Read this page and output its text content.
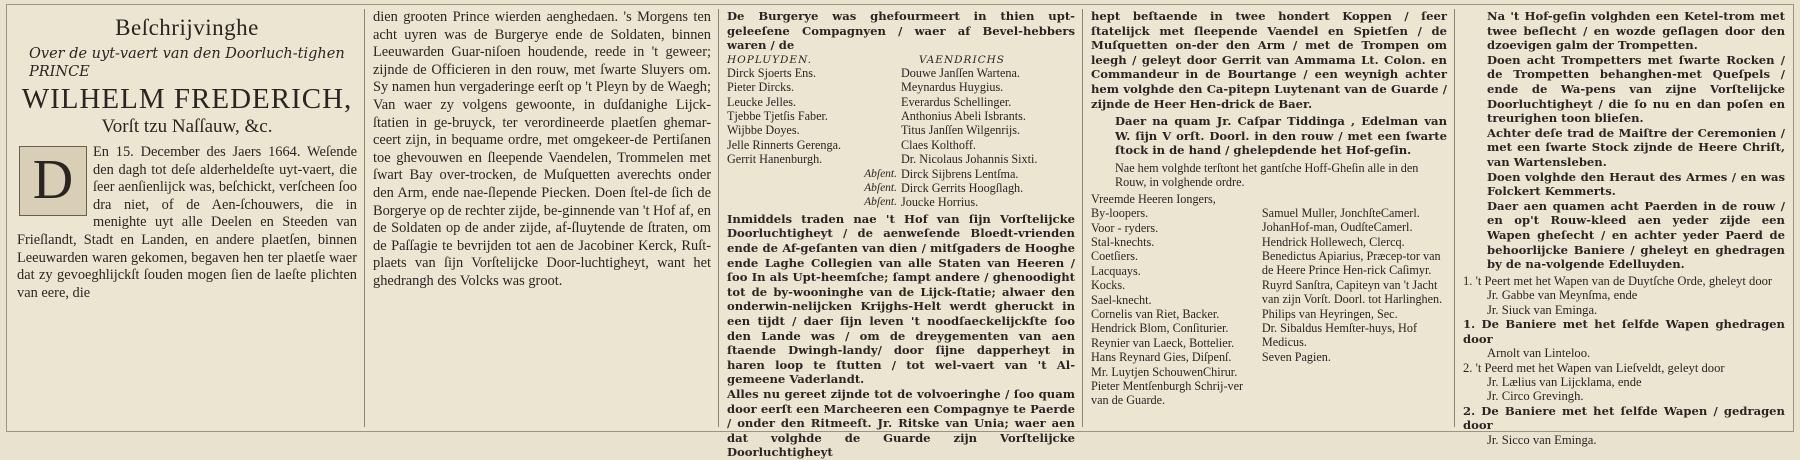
Beſchrijvinghe
Over de uyt-vaert van den Doorluch-tighen PRINCE
WILHELM FREDERICH,
Vorſt tzu Naſſauw, &c.
D	En 15. December des Jaers 1664. Weſende den dagh tot deſe alderheldeſte uyt-vaert, die ſeer aenſienlijck was, beſchickt, verſcheen ſoo dra niet, of de Aen-ſchouwers, die in menighte uyt alle Deelen en Steeden van Frieſlandt, Stadt en Landen, en andere plaetſen, binnen Leeuwarden waren gekomen, begaven hen ter plaetſe waer dat zy gevoeghlijckſt ſouden mogen ſien de laeſte plichten van eere, die
dien grooten Prince wierden aenghedaen. 's Morgens ten acht uyren was de Burgerye ende de Soldaten, binnen Leeuwarden Guar-niſoen houdende, reede in 't geweer; zijnde de Officieren in den rouw, met ſwarte Sluyers om. Sy namen hun vergaderinge eerſt op 't Pleyn by de Waegh; Van waer zy volgens gewoonte, in duſdanighe Lijck-ſtatien in ge-bruyck, ter verordineerde plaetſen ghemar-ceert zijn, in bequame ordre, met omgekeer-de Pertiſanen toe ghevouwen en ſleepende Vaendelen, Trommelen met ſwart Bay over-trocken, de Muſquetten averechts onder den Arm, ende nae-ſlepende Piecken. Doen ſtel-de ſich de Borgerye op de rechter zijde, be-ginnende van 't Hof af, en de Soldaten op de ander zijde, af-ſluytende de ſtraten, om de Paſſagie te bevrijden tot aen de Jacobiner Kerck, Ruſt-plaets van ſijn Vorſtelijcke Door-luchtigheyt, want het ghedrangh des Volcks was groot.
De Burgerye was ghefourmeert in thien upt-geleeſene Compagnyen / waer af Bevel-hebbers waren / de
HOPLUYDEN.	VAENDRICHS
Dirck Sjoerts Ens.
Pieter Dircks.
Leucke Jelles.
Tjebbe Tjetſis Faber.
Wijbbe Doyes.
Jelle Rinnerts Gerenga.
Gerrit Hanenburgh.
Abſent.
Abſent.
Abſent.
Douwe Janſſen Wartena.
Meynardus Huygius.
Everardus Schellinger.
Anthonius Abeli Isbrants.
Titus Janſſen Wilgenrijs.
Claes Kolthoff.
Dr. Nicolaus Johannis Sixti.
Dirck Sijbrens Lentſma.
Dirck Gerrits Hoogſlagh.
Joucke Horrius.
Inmiddels traden nae 't Hof van ſijn Vorſtelijcke Doorluchtigheyt / de aenweſende Bloedt-vrienden ende de Af-geſanten van dien / mitſgaders de Hooghe ende Laghe Collegien van alle Staten van Heeren / ſoo In als Upt-heemſche; ſampt andere / ghenoodight tot de by-wooninghe van de Lijck-ſtatie; alwaer den onderwin-nelijcken Krijghs-Helt werdt gheruckt in een tijdt / daer ſijn leven 't noodſaeckelijckſte ſoo den Lande was / om de dreygementen van aen ſtaende Dwingh-landy/ door ſijne dapperheyt in haren loop te ſtutten / tot wel-vaert van 't Al-gemeene Vaderlandt.
Alles nu gereet zijnde tot de volvoeringhe / ſoo quam door eerſt een Marcheeren een Compagnye te Paerde / onder den Ritmeeſt. Jr. Ritske van Unia; waer aen dat volghde de Guarde zijn Vorſtelijcke Doorluchtigheyt
hept beſtaende in twee hondert Koppen / ſeer ſtatelijck met ſleepende Vaendel en Spietſen / de Muſquetten on-der den Arm / met de Trompen om leegh / geleyt door Gerrit van Ammama Lt. Colon. en Commandeur in de Bourtange / een weynigh achter hem volghde den Ca-pitepn Luytenant van de Guarde / zijnde de Heer Hen-drick de Baer.
Daer na quam Jr. Caſpar Tiddinga , Edelman van W. ſijn V orſt. Doorl. in den rouw / met een ſwarte ſtock in de hand / ghelepdende het Hof-geſin.
Nae hem volghde terſtont het gantſche Hoff-Gheſin alle in den Rouw, in volghende ordre.
Vreemde Heeren Iongers,
By-loopers.
Voor - ryders.
Stal-knechts.
Coetſiers.
Lacquays.
Kocks.
Sael-knecht.
Cornelis van Riet, Backer.
Hendrick Blom, Conſiturier.
Reynier van Laeck, Bottelier.
Hans Reynard Gies, Diſpenſ.
Mr. Luytjen SchouwenChirur.
Pieter Mentſenburgh Schrij-ver van de Guarde.
Samuel Muller, JonchſteCamerl.
JohanHof-man, OudſteCamerl.
Hendrick Hollewech, Clercq.
Benedictus Apiarius, Præcep-tor van de Heere Prince Hen-rick Caſimyr.
Ruyrd Sanſtra, Capiteyn van 't Jacht van zijn Vorſt. Doorl. tot Harlinghen.
Philips van Heyringen, Sec.
Dr. Sibaldus Hemſter-huys, Hof Medicus.
Seven Pagien.
Na 't Hof-geſin volghden een Ketel-trom met twee beſlecht / en wozde geſlagen door den dzoevigen galm der Trompetten.
Doen acht Trompetters met ſwarte Rocken / de Trompetten behanghen-met Queſpels / ende de Wa-pens van zijne Vorſtelijcke Doorluchtigheyt / die ſo nu en dan poſen en treurighen toon blieſen.
Achter deſe trad de Maiſtre der Ceremonien / met een ſwarte Stock zijnde de Heere Chriſt, van Wartensleben.
Doen volghde den Heraut des Armes / en was Folckert Kemmerts.
Daer aen quamen acht Paerden in de rouw / en op't Rouw-kleed aen yeder zijde een Wapen gheſecht / en achter yeder Paerd de behoorlijcke Baniere / gheleyt en ghedragen by de na-volgende Edelluyden.
1. 't Peert met het Wapen van de Duytſche Orde, gheleyt door
Jr. Gabbe van Meynſma, ende
Jr. Siuck van Eminga.
1. De Baniere met het ſelfde Wapen ghedragen door
Arnolt van Linteloo.
2. 't Peerd met het Wapen van Lieſveldt, geleyt door
Jr. Lælius van Lijcklama, ende
Jr. Circo Grevingh.
2. De Baniere met het ſelfde Wapen / gedragen door
Jr. Sicco van Eminga.
